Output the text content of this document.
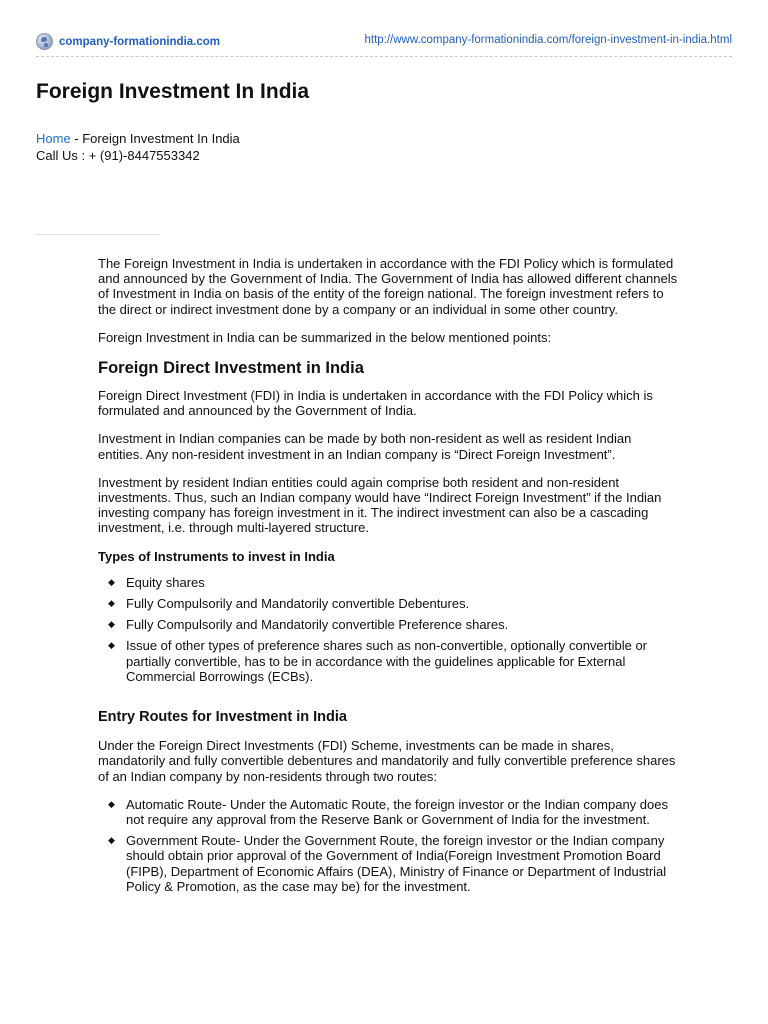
company-formationindia.com	http://www.company-formationindia.com/foreign-investment-in-india.html
Foreign Investment In India
Home - Foreign Investment In India
Call Us : + (91)-8447553342

The Foreign Investment in India is undertaken in accordance with the FDI Policy which is formulated and announced by the Government of India. The Government of India has allowed different channels of Investment in India on basis of the entity of the foreign national. The foreign investment refers to the direct or indirect investment done by a company or an individual in some other country.

Foreign Investment in India can be summarized in the below mentioned points:

Foreign Direct Investment in India

Foreign Direct Investment (FDI) in India is undertaken in accordance with the FDI Policy which is formulated and announced by the Government of India.

Investment in Indian companies can be made by both non-resident as well as resident Indian entities. Any non-resident investment in an Indian company is “Direct Foreign Investment”.

Investment by resident Indian entities could again comprise both resident and non-resident investments. Thus, such an Indian company would have “Indirect Foreign Investment” if the Indian investing company has foreign investment in it. The indirect investment can also be a cascading investment, i.e. through multi-layered structure.

Types of Instruments to invest in India
◆ Equity shares
◆ Fully Compulsorily and Mandatorily convertible Debentures.
◆ Fully Compulsorily and Mandatorily convertible Preference shares.
◆ Issue of other types of preference shares such as non-convertible, optionally convertible or partially convertible, has to be in accordance with the guidelines applicable for External Commercial Borrowings (ECBs).
Entry Routes for Investment in India

Under the Foreign Direct Investments (FDI) Scheme, investments can be made in shares, mandatorily and fully convertible debentures and mandatorily and fully convertible preference shares of an Indian company by non-residents through two routes:

◆ Automatic Route- Under the Automatic Route, the foreign investor or the Indian company does not require any approval from the Reserve Bank or Government of India for the investment.
◆ Government Route- Under the Government Route, the foreign investor or the Indian company should obtain prior approval of the Government of India(Foreign Investment Promotion Board (FIPB), Department of Economic Affairs (DEA), Ministry of Finance or Department of Industrial Policy & Promotion, as the case may be) for the investment.
